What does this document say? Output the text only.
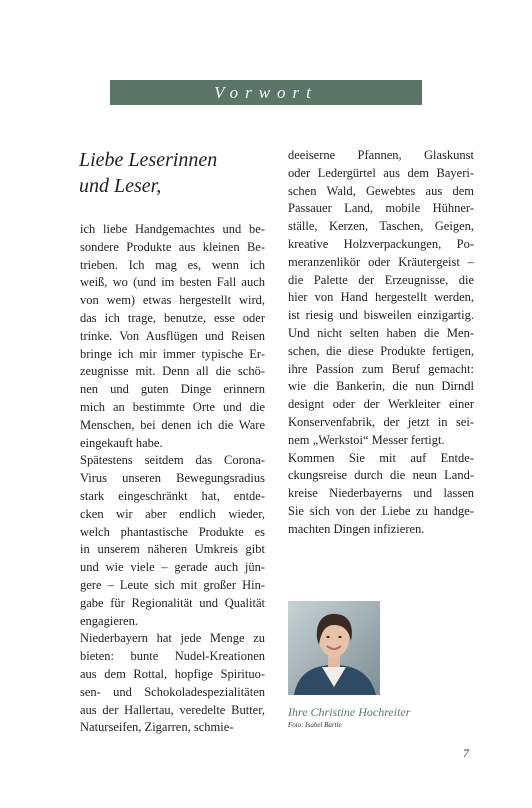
Vorwort
Liebe Leserinnen
und Leser,
ich liebe Handgemachtes und be-
sondere Produkte aus kleinen Be-
trieben. Ich mag es, wenn ich
weiß, wo (und im besten Fall auch
von wem) etwas hergestellt wird,
das ich trage, benutze, esse oder
trinke. Von Ausflügen und Reisen
bringe ich mir immer typische Er-
zeugnisse mit. Denn all die schö-
nen und guten Dinge erinnern
mich an bestimmte Orte und die
Menschen, bei denen ich die Ware
eingekauft habe.
Spätestens seitdem das Corona-
Virus unseren Bewegungsradius
stark eingeschränkt hat, entde-
cken wir aber endlich wieder,
welch phantastische Produkte es
in unserem näheren Umkreis gibt
und wie viele – gerade auch jün-
gere – Leute sich mit großer Hin-
gabe für Regionalität und Qualität
engagieren.
Niederbayern hat jede Menge zu
bieten: bunte Nudel-Kreationen
aus dem Rottal, hopfige Spirituo-
sen- und Schokoladespezialitäten
aus der Hallertau, veredelte Butter,
Naturseifen, Zigarren, schmie-
deeiserne Pfannen, Glaskunst
oder Ledergürtel aus dem Bayeri-
schen Wald, Gewebtes aus dem
Passauer Land, mobile Hühner-
ställe, Kerzen, Taschen, Geigen,
kreative Holzverpackungen, Po-
meranzenlikör oder Kräutergeist –
die Palette der Erzeugnisse, die
hier von Hand hergestellt werden,
ist riesig und bisweilen einzigartig.
Und nicht selten haben die Men-
schen, die diese Produkte fertigen,
ihre Passion zum Beruf gemacht:
wie die Bankerin, die nun Dirndl
designt oder der Werkleiter einer
Konservenfabrik, der jetzt in sei-
nem „Werkstoi“ Messer fertigt.
Kommen Sie mit auf Entde-
ckungsreise durch die neun Land-
kreise Niederbayerns und lassen
Sie sich von der Liebe zu handge-
machten Dingen infizieren.
Ihre Christine Hochreiter
Foto: Isabel Bartle
7
